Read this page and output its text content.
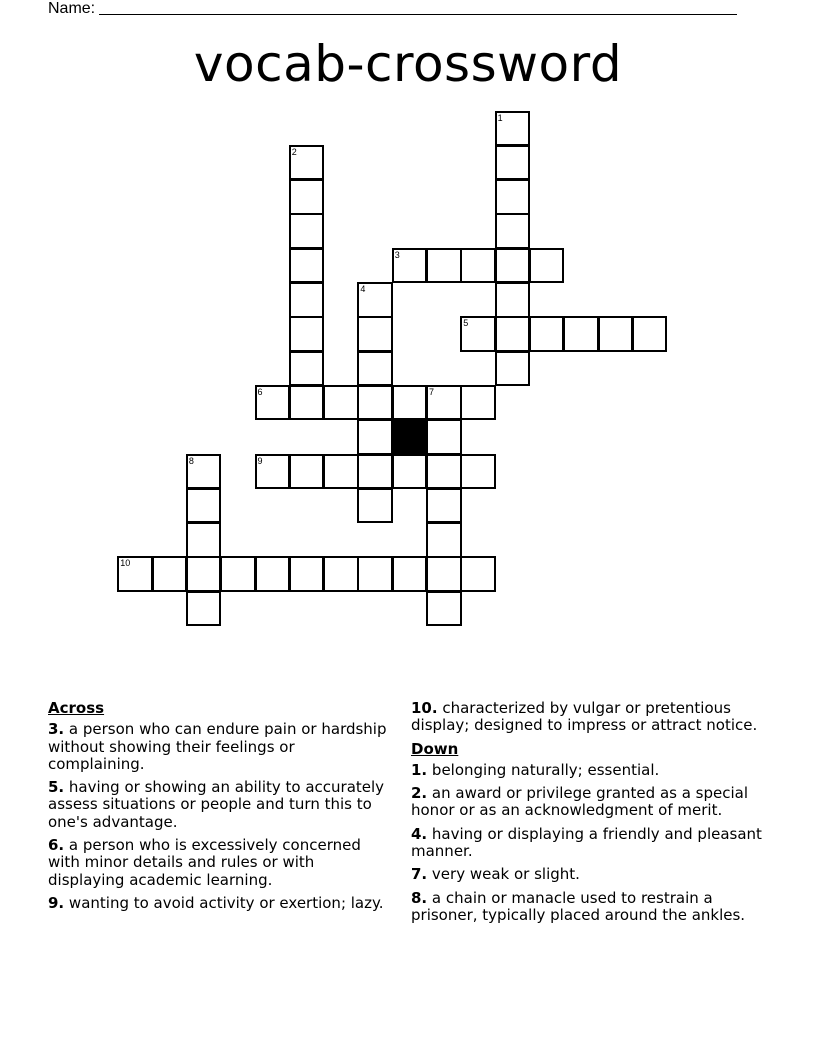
Name:
vocab-crossword
1
2
3
4
5
6	7
8	9
10
Across
3. a person who can endure pain or hardship without showing their feelings or complaining.
5. having or showing an ability to accurately assess situations or people and turn this to one's advantage.
6. a person who is excessively concerned with minor details and rules or with displaying academic learning.
9. wanting to avoid activity or exertion; lazy.
10. characterized by vulgar or pretentious display; designed to impress or attract notice.
Down
1. belonging naturally; essential.
2. an award or privilege granted as a special honor or as an acknowledgment of merit.
4. having or displaying a friendly and pleasant manner.
7. very weak or slight.
8. a chain or manacle used to restrain a prisoner, typically placed around the ankles.
